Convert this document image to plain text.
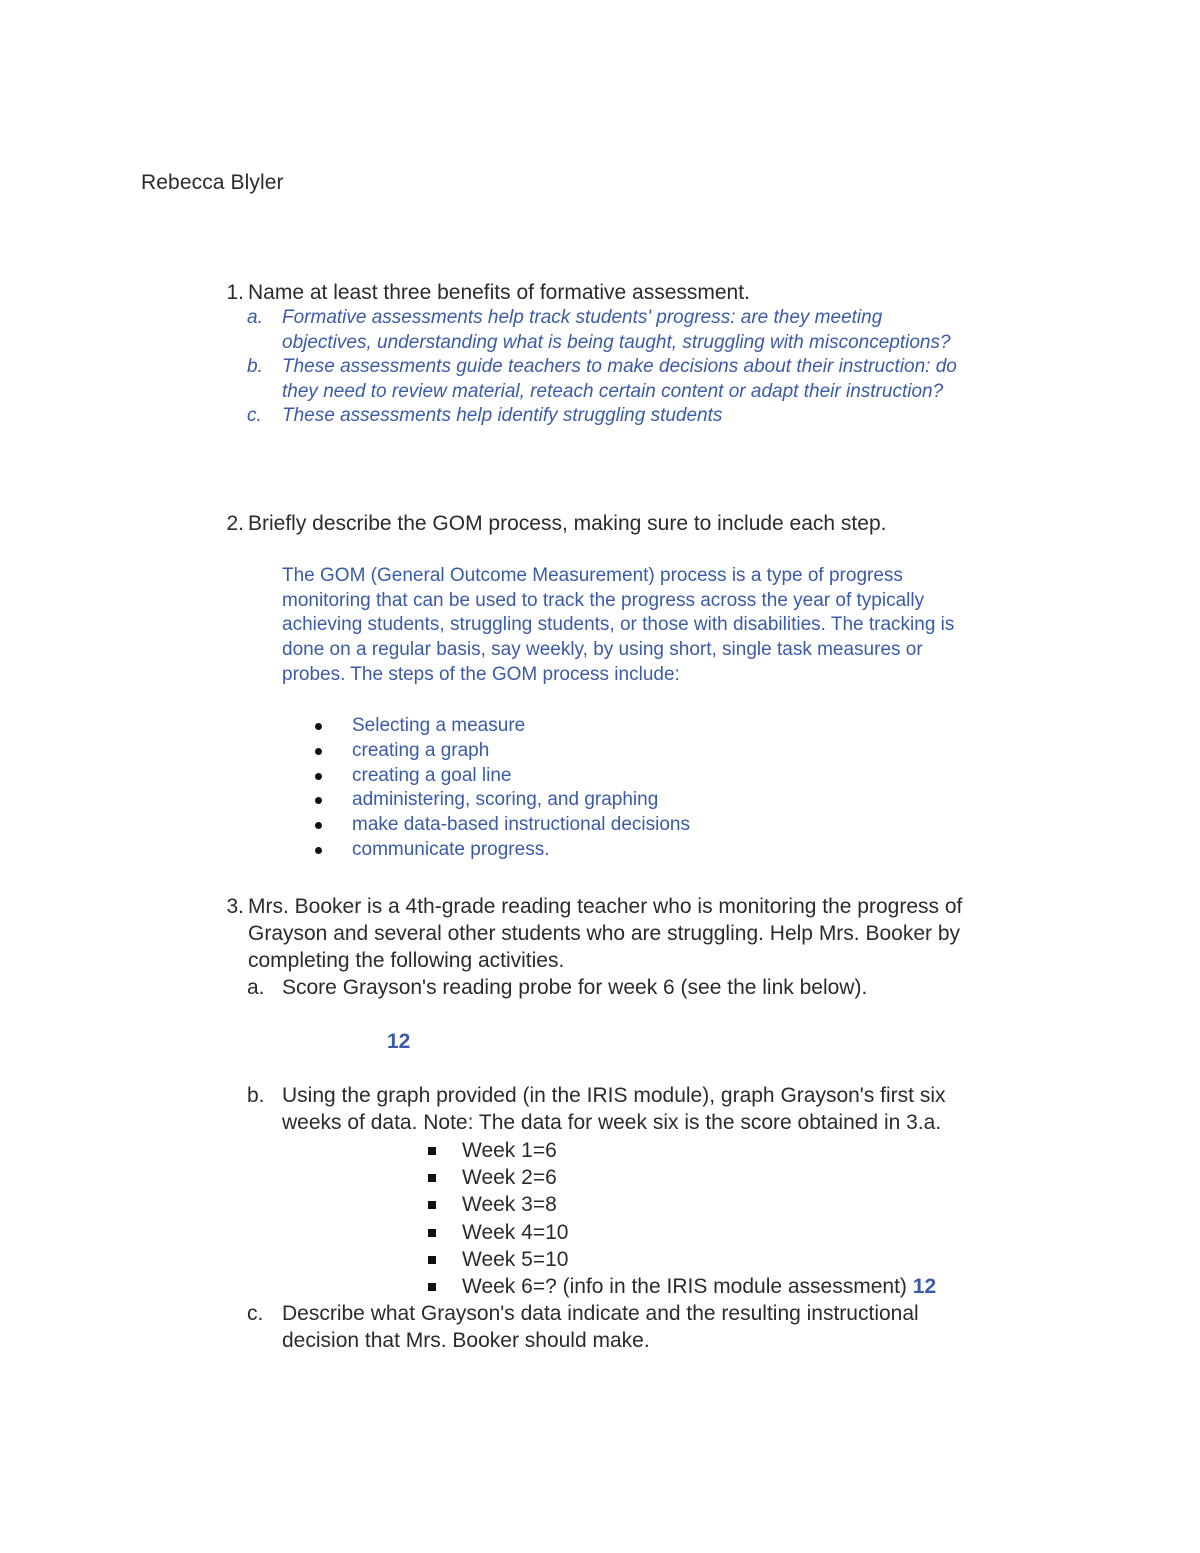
Rebecca Blyler
1. Name at least three benefits of formative assessment.
a.	Formative assessments help track students' progress: are they meeting
objectives, understanding what is being taught, struggling with misconceptions?
b.	These assessments guide teachers to make decisions about their instruction: do
they need to review material, reteach certain content or adapt their instruction?
c.	These assessments help identify struggling students
2. Briefly describe the GOM process, making sure to include each step.
The GOM (General Outcome Measurement) process is a type of progress
monitoring that can be used to track the progress across the year of typically
achieving students, struggling students, or those with disabilities. The tracking is
done on a regular basis, say weekly, by using short, single task measures or
probes. The steps of the GOM process include:
Selecting a measure
creating a graph
creating a goal line
administering, scoring, and graphing
make data-based instructional decisions
communicate progress.
3. Mrs. Booker is a 4th-grade reading teacher who is monitoring the progress of
Grayson and several other students who are struggling. Help Mrs. Booker by
completing the following activities.
a. Score Grayson's reading probe for week 6 (see the link below).
12
b. Using the graph provided (in the IRIS module), graph Grayson's first six
weeks of data. Note: The data for week six is the score obtained in 3.a.
Week 1=6
Week 2=6
Week 3=8
Week 4=10
Week 5=10
Week 6=? (info in the IRIS module assessment) 12
c. Describe what Grayson's data indicate and the resulting instructional
decision that Mrs. Booker should make.
